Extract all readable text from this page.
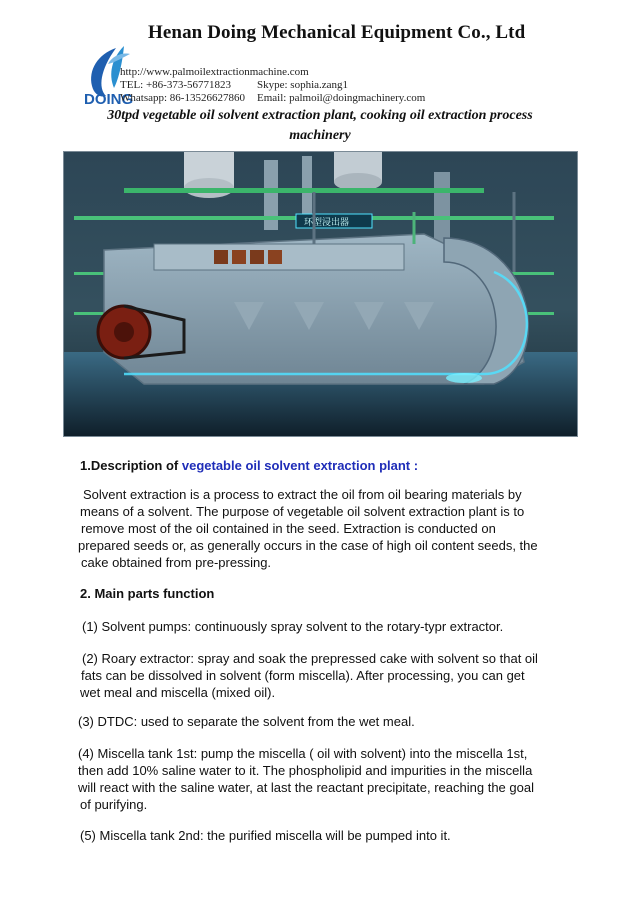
DOING
Henan Doing Mechanical Equipment Co., Ltd
http://www.palmoilextractionmachine.com
TEL: +86-373-56771823 Skype: sophia.zang1
Whatsapp: 86-13526627860 Email: palmoil@doingmachinery.com
30tpd vegetable oil solvent extraction plant, cooking oil extraction process
machinery
环型浸出器
1.Description of vegetable oil solvent extraction plant :
Solvent extraction is a process to extract the oil from oil bearing materials by
means of a solvent. The purpose of vegetable oil solvent extraction plant is to
remove most of the oil contained in the seed. Extraction is conducted on
prepared seeds or, as generally occurs in the case of high oil content seeds, the
cake obtained from pre-pressing.
2. Main parts function
(1) Solvent pumps: continuously spray solvent to the rotary-typr extractor.
(2) Roary extractor: spray and soak the prepressed cake with solvent so that oil
fats can be dissolved in solvent (form miscella). After processing, you can get
wet meal and miscella (mixed oil).
(3) DTDC: used to separate the solvent from the wet meal.
(4) Miscella tank 1st: pump the miscella ( oil with solvent) into the miscella 1st,
then add 10% saline water to it. The phospholipid and impurities in the miscella
will react with the saline water, at last the reactant precipitate, reaching the goal
of purifying.
(5) Miscella tank 2nd: the purified miscella will be pumped into it.
